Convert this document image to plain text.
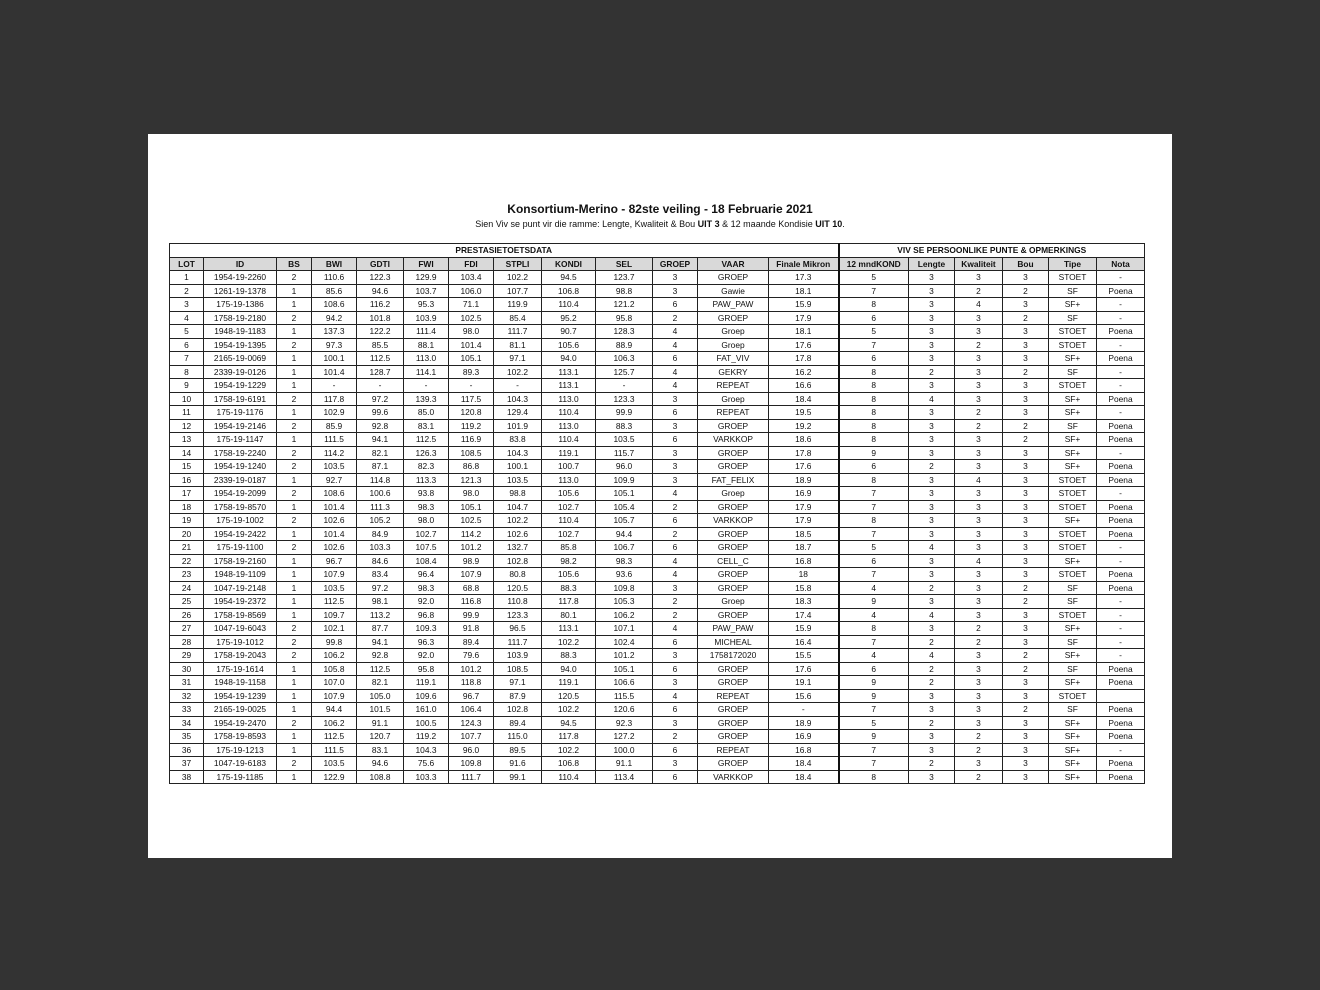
Konsortium-Merino - 82ste veiling - 18 Februarie 2021
Sien Viv se punt vir die ramme: Lengte, Kwaliteit & Bou UIT 3 & 12 maande Kondisie UIT 10.
PRESTASIETOETSDATA													VIV SE PERSOONLIKE PUNTE & OPMERKINGS					
LOT	ID	BS	BWI	GDTI	FWI	FDI	STPLI	KONDI	SEL	GROEP	VAAR	Finale Mikron	12 mndKOND	Lengte	Kwaliteit	Bou	Tipe	Nota
1	1954-19-2260	2	110.6	122.3	129.9	103.4	102.2	94.5	123.7	3	GROEP	17.3	5	3	3	3	STOET	-
2	1261-19-1378	1	85.6	94.6	103.7	106.0	107.7	106.8	98.8	3	Gawie	18.1	7	3	2	2	SF	Poena
3	175-19-1386	1	108.6	116.2	95.3	71.1	119.9	110.4	121.2	6	PAW_PAW	15.9	8	3	4	3	SF+	-
4	1758-19-2180	2	94.2	101.8	103.9	102.5	85.4	95.2	95.8	2	GROEP	17.9	6	3	3	2	SF	-
5	1948-19-1183	1	137.3	122.2	111.4	98.0	111.7	90.7	128.3	4	Groep	18.1	5	3	3	3	STOET	Poena
6	1954-19-1395	2	97.3	85.5	88.1	101.4	81.1	105.6	88.9	4	Groep	17.6	7	3	2	3	STOET	-
7	2165-19-0069	1	100.1	112.5	113.0	105.1	97.1	94.0	106.3	6	FAT_VIV	17.8	6	3	3	3	SF+	Poena
8	2339-19-0126	1	101.4	128.7	114.1	89.3	102.2	113.1	125.7	4	GEKRY	16.2	8	2	3	2	SF	-
9	1954-19-1229	1	-	-	-	-	-	113.1	-	4	REPEAT	16.6	8	3	3	3	STOET	-
10	1758-19-6191	2	117.8	97.2	139.3	117.5	104.3	113.0	123.3	3	Groep	18.4	8	4	3	3	SF+	Poena
11	175-19-1176	1	102.9	99.6	85.0	120.8	129.4	110.4	99.9	6	REPEAT	19.5	8	3	2	3	SF+	-
12	1954-19-2146	2	85.9	92.8	83.1	119.2	101.9	113.0	88.3	3	GROEP	19.2	8	3	2	2	SF	Poena
13	175-19-1147	1	111.5	94.1	112.5	116.9	83.8	110.4	103.5	6	VARKKOP	18.6	8	3	3	2	SF+	Poena
14	1758-19-2240	2	114.2	82.1	126.3	108.5	104.3	119.1	115.7	3	GROEP	17.8	9	3	3	3	SF+	-
15	1954-19-1240	2	103.5	87.1	82.3	86.8	100.1	100.7	96.0	3	GROEP	17.6	6	2	3	3	SF+	Poena
16	2339-19-0187	1	92.7	114.8	113.3	121.3	103.5	113.0	109.9	3	FAT_FELIX	18.9	8	3	4	3	STOET	Poena
17	1954-19-2099	2	108.6	100.6	93.8	98.0	98.8	105.6	105.1	4	Groep	16.9	7	3	3	3	STOET	-
18	1758-19-8570	1	101.4	111.3	98.3	105.1	104.7	102.7	105.4	2	GROEP	17.9	7	3	3	3	STOET	Poena
19	175-19-1002	2	102.6	105.2	98.0	102.5	102.2	110.4	105.7	6	VARKKOP	17.9	8	3	3	3	SF+	Poena
20	1954-19-2422	1	101.4	84.9	102.7	114.2	102.6	102.7	94.4	2	GROEP	18.5	7	3	3	3	STOET	Poena
21	175-19-1100	2	102.6	103.3	107.5	101.2	132.7	85.8	106.7	6	GROEP	18.7	5	4	3	3	STOET	-
22	1758-19-2160	1	96.7	84.6	108.4	98.9	102.8	98.2	98.3	4	CELL_C	16.8	6	3	4	3	SF+	-
23	1948-19-1109	1	107.9	83.4	96.4	107.9	80.8	105.6	93.6	4	GROEP	18	7	3	3	3	STOET	Poena
24	1047-19-2148	1	103.5	97.2	98.3	68.8	120.5	88.3	109.8	3	GROEP	15.8	4	2	3	2	SF	Poena
25	1954-19-2372	1	112.5	98.1	92.0	116.8	110.8	117.8	105.3	2	Groep	18.3	9	3	3	2	SF	-
26	1758-19-8569	1	109.7	113.2	96.8	99.9	123.3	80.1	106.2	2	GROEP	17.4	4	4	3	3	STOET	-
27	1047-19-6043	2	102.1	87.7	109.3	91.8	96.5	113.1	107.1	4	PAW_PAW	15.9	8	3	2	3	SF+	-
28	175-19-1012	2	99.8	94.1	96.3	89.4	111.7	102.2	102.4	6	MICHEAL	16.4	7	2	2	3	SF	-
29	1758-19-2043	2	106.2	92.8	92.0	79.6	103.9	88.3	101.2	3	1758172020	15.5	4	4	3	2	SF+	-
30	175-19-1614	1	105.8	112.5	95.8	101.2	108.5	94.0	105.1	6	GROEP	17.6	6	2	3	2	SF	Poena
31	1948-19-1158	1	107.0	82.1	119.1	118.8	97.1	119.1	106.6	3	GROEP	19.1	9	2	3	3	SF+	Poena
32	1954-19-1239	1	107.9	105.0	109.6	96.7	87.9	120.5	115.5	4	REPEAT	15.6	9	3	3	3	STOET	
33	2165-19-0025	1	94.4	101.5	161.0	106.4	102.8	102.2	120.6	6	GROEP	-	7	3	3	2	SF	Poena
34	1954-19-2470	2	106.2	91.1	100.5	124.3	89.4	94.5	92.3	3	GROEP	18.9	5	2	3	3	SF+	Poena
35	1758-19-8593	1	112.5	120.7	119.2	107.7	115.0	117.8	127.2	2	GROEP	16.9	9	3	2	3	SF+	Poena
36	175-19-1213	1	111.5	83.1	104.3	96.0	89.5	102.2	100.0	6	REPEAT	16.8	7	3	2	3	SF+	-
37	1047-19-6183	2	103.5	94.6	75.6	109.8	91.6	106.8	91.1	3	GROEP	18.4	7	2	3	3	SF+	Poena
38	175-19-1185	1	122.9	108.8	103.3	111.7	99.1	110.4	113.4	6	VARKKOP	18.4	8	3	2	3	SF+	Poena
